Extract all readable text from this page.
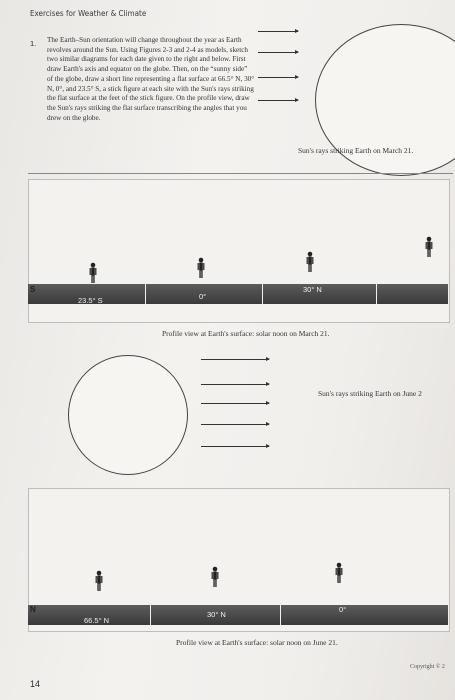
Exercises for Weather & Climate
1. The Earth–Sun orientation will change throughout the year as Earth revolves around the Sun. Using Figures 2-3 and 2-4 as models, sketch two similar diagrams for each date given to the right and below. First draw Earth's axis and equator on the globe. Then, on the “sunny side” of the globe, draw a short line representing a flat surface at 66.5° N, 30° N, 0°, and 23.5° S, a stick figure at each site with the Sun's rays striking the flat surface at the feet of the stick figure. On the profile view, draw the Sun's rays striking the flat surface transcribing the angles that you drew on the globe.
Sun's rays striking Earth on March 21.
S
23.5° S	0°
30° N
66.5° N
Profile view at Earth's surface: solar noon on March 21.
Sun's rays striking Earth on June 2
N
66.5° N
30° N
0°
Profile view at Earth's surface: solar noon on June 21.
Copyright © 2
14
